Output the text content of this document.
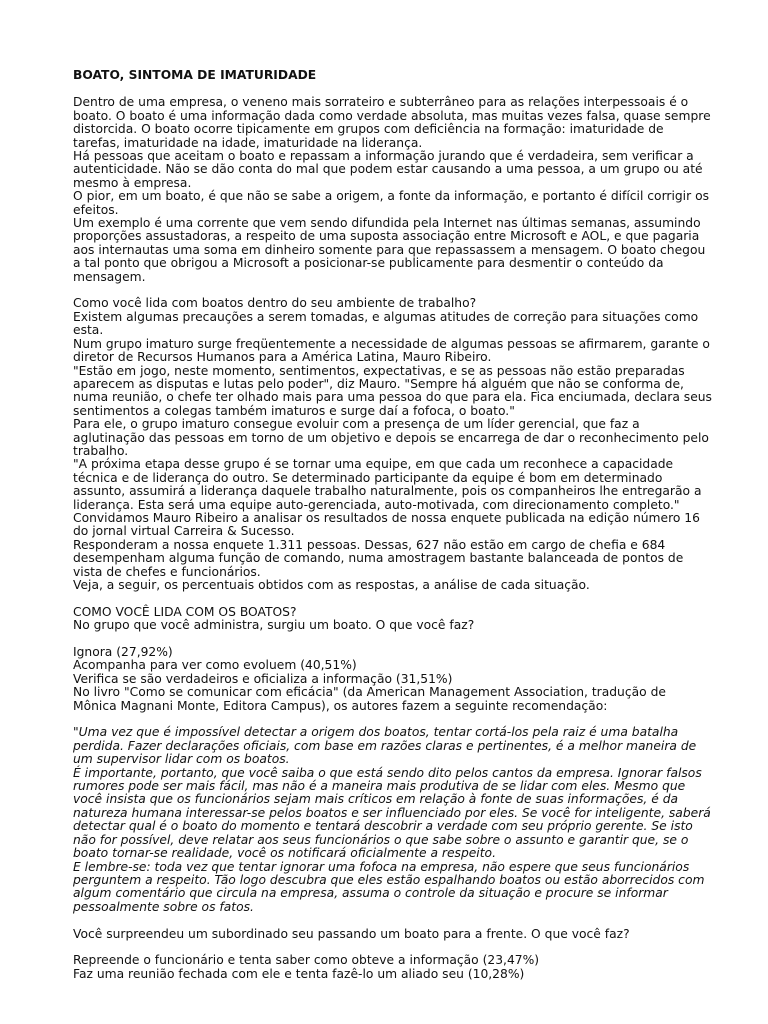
BOATO, SINTOMA DE IMATURIDADE

Dentro de uma empresa, o veneno mais sorrateiro e subterrâneo para as relações interpessoais é o boato. O boato é uma informação dada como verdade absoluta, mas muitas vezes falsa, quase sempre distorcida. O boato ocorre tipicamente em grupos com deficiência na formação: imaturidade de tarefas, imaturidade na idade, imaturidade na liderança.

Há pessoas que aceitam o boato e repassam a informação jurando que é verdadeira, sem verificar a autenticidade. Não se dão conta do mal que podem estar causando a uma pessoa, a um grupo ou até mesmo à empresa.

O pior, em um boato, é que não se sabe a origem, a fonte da informação, e portanto é difícil corrigir os efeitos.

Um exemplo é uma corrente que vem sendo difundida pela Internet nas últimas semanas, assumindo proporções assustadoras, a respeito de uma suposta associação entre Microsoft e AOL, e que pagaria aos internautas uma soma em dinheiro somente para que repassassem a mensagem. O boato chegou a tal ponto que obrigou a Microsoft a posicionar-se publicamente para desmentir o conteúdo da mensagem.

Como você lida com boatos dentro do seu ambiente de trabalho?

Existem algumas precauções a serem tomadas, e algumas atitudes de correção para situações como esta.

Num grupo imaturo surge freqüentemente a necessidade de algumas pessoas se afirmarem, garante o diretor de Recursos Humanos para a América Latina, Mauro Ribeiro.

"Estão em jogo, neste momento, sentimentos, expectativas, e se as pessoas não estão preparadas aparecem as disputas e lutas pelo poder", diz Mauro. "Sempre há alguém que não se conforma de, numa reunião, o chefe ter olhado mais para uma pessoa do que para ela. Fica enciumada, declara seus sentimentos a colegas também imaturos e surge daí a fofoca, o boato."

Para ele, o grupo imaturo consegue evoluir com a presença de um líder gerencial, que faz a aglutinação das pessoas em torno de um objetivo e depois se encarrega de dar o reconhecimento pelo trabalho.

"A próxima etapa desse grupo é se tornar uma equipe, em que cada um reconhece a capacidade técnica e de liderança do outro. Se determinado participante da equipe é bom em determinado assunto, assumirá a liderança daquele trabalho naturalmente, pois os companheiros lhe entregarão a liderança. Esta será uma equipe auto-gerenciada, auto-motivada, com direcionamento completo."

Convidamos Mauro Ribeiro a analisar os resultados de nossa enquete publicada na edição número 16 do jornal virtual Carreira & Sucesso.

Responderam a nossa enquete 1.311 pessoas. Dessas, 627 não estão em cargo de chefia e 684 desempenham alguma função de comando, numa amostragem bastante balanceada de pontos de vista de chefes e funcionários.

Veja, a seguir, os percentuais obtidos com as respostas, a análise de cada situação.

COMO VOCÊ LIDA COM OS BOATOS?

No grupo que você administra, surgiu um boato. O que você faz?

Ignora (27,92%)

Acompanha para ver como evoluem (40,51%)

Verifica se são verdadeiros e oficializa a informação (31,51%)

No livro "Como se comunicar com eficácia" (da American Management Association, tradução de Mônica Magnani Monte, Editora Campus), os autores fazem a seguinte recomendação:

"Uma vez que é impossível detectar a origem dos boatos, tentar cortá-los pela raiz é uma batalha perdida. Fazer declarações oficiais, com base em razões claras e pertinentes, é a melhor maneira de um supervisor lidar com os boatos.

É importante, portanto, que você saiba o que está sendo dito pelos cantos da empresa. Ignorar falsos rumores pode ser mais fácil, mas não é a maneira mais produtiva de se lidar com eles. Mesmo que você insista que os funcionários sejam mais críticos em relação à fonte de suas informações, é da natureza humana interessar-se pelos boatos e ser influenciado por eles. Se você for inteligente, saberá detectar qual é o boato do momento e tentará descobrir a verdade com seu próprio gerente. Se isto não for possível, deve relatar aos seus funcionários o que sabe sobre o assunto e garantir que, se o boato tornar-se realidade, você os notificará oficialmente a respeito.

E lembre-se: toda vez que tentar ignorar uma fofoca na empresa, não espere que seus funcionários perguntem a respeito. Tão logo descubra que eles estão espalhando boatos ou estão aborrecidos com algum comentário que circula na empresa, assuma o controle da situação e procure se informar pessoalmente sobre os fatos.

Você surpreendeu um subordinado seu passando um boato para a frente. O que você faz?

Repreende o funcionário e tenta saber como obteve a informação (23,47%)

Faz uma reunião fechada com ele e tenta fazê-lo um aliado seu (10,28%)
